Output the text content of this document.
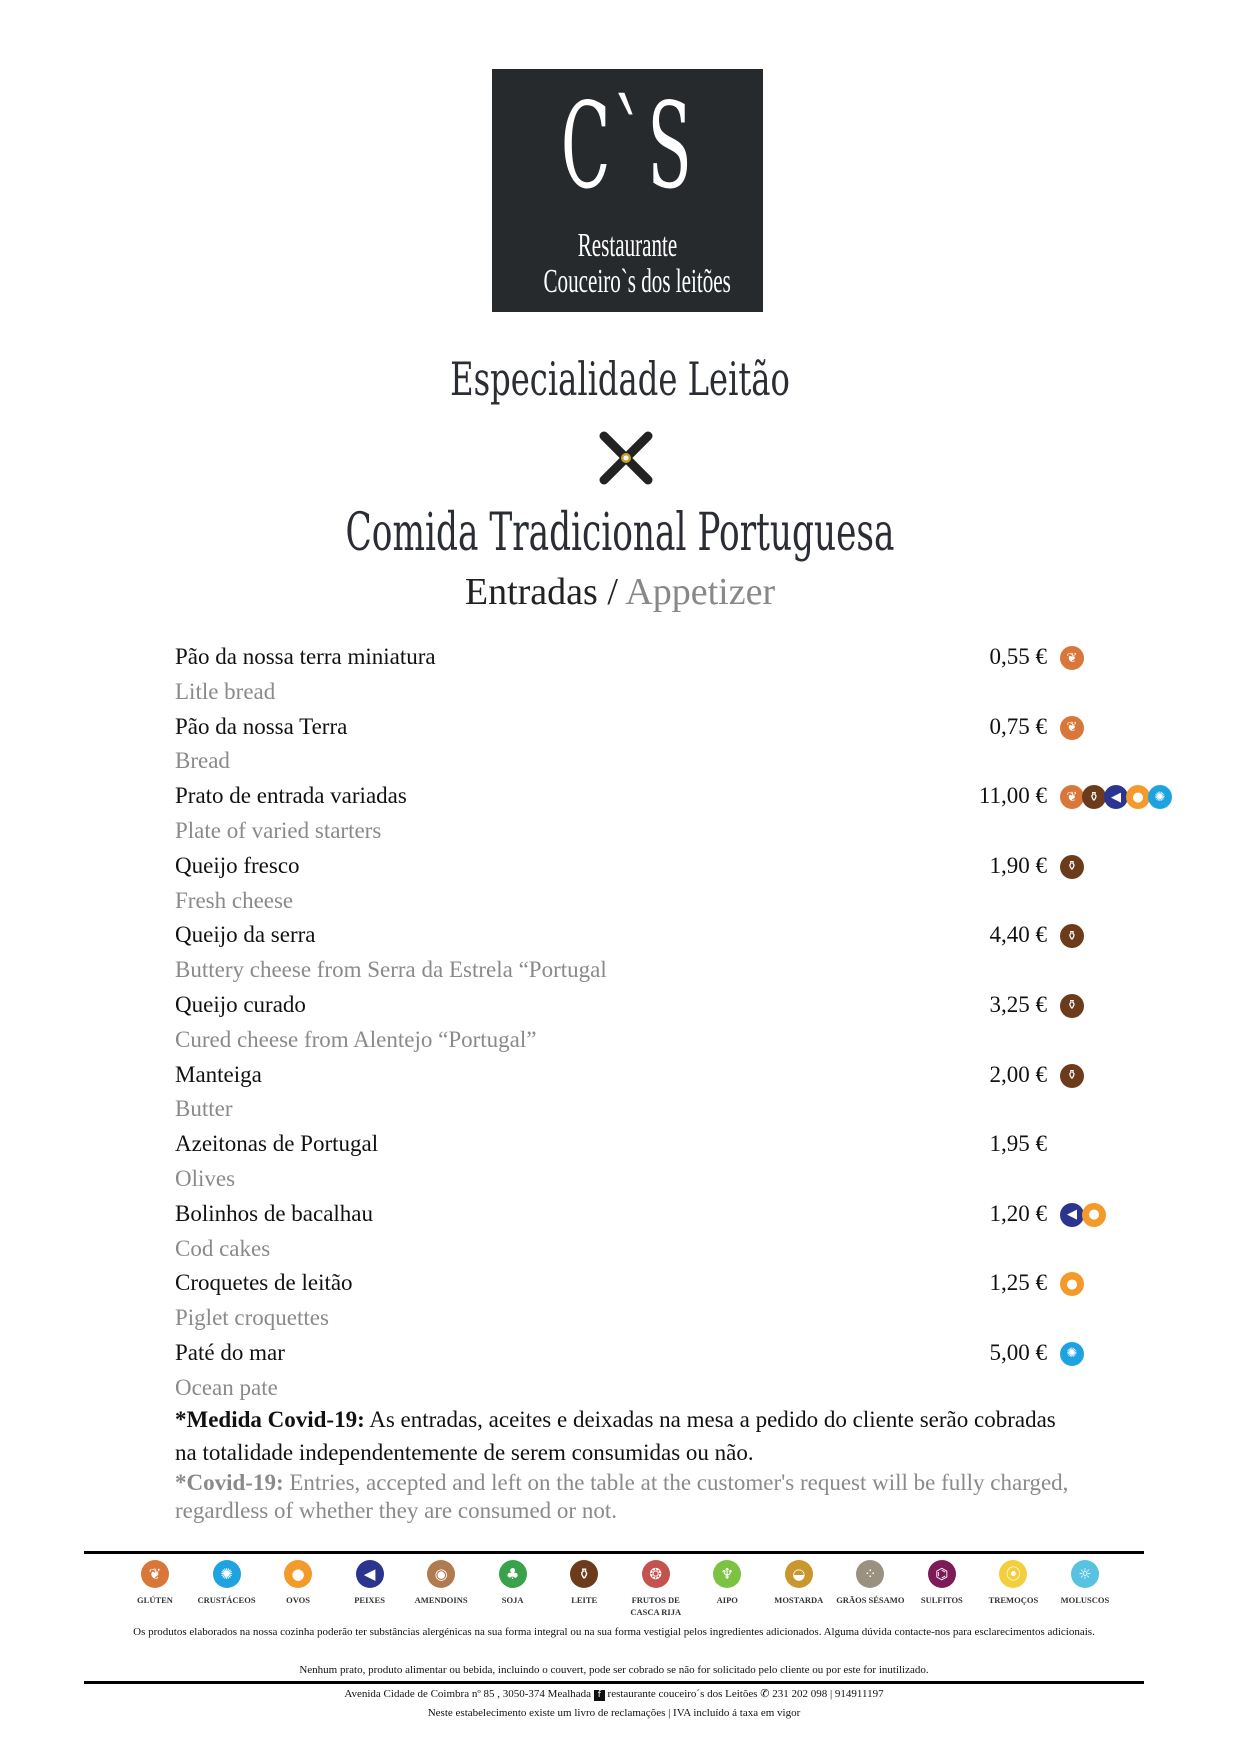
C`S
Restaurante
Couceiro`s dos leitões
Especialidade Leitão
Comida Tradicional Portuguesa
Entradas / Appetizer
Pão da nossa terra miniatura	0,55 €	❦
Litle bread
Pão da nossa Terra	0,75 €	❦
Bread
Prato de entrada variadas	11,00 €	❦ ⚱ ◀ ● ✺
Plate of varied starters
Queijo fresco	1,90 €	⚱
Fresh cheese
Queijo da serra	4,40 €	⚱
Buttery cheese from Serra da Estrela “Portugal
Queijo curado	3,25 €	⚱
Cured cheese from Alentejo “Portugal”
Manteiga	2,00 €	⚱
Butter
Azeitonas de Portugal	1,95 €
Olives
Bolinhos de bacalhau	1,20 €	◀ ●
Cod cakes
Croquetes de leitão	1,25 €	●
Piglet croquettes
Paté do mar	5,00 €	✺
Ocean pate
*Medida Covid-19: As entradas, aceites e deixadas na mesa a pedido do cliente serão cobradas na totalidade independentemente de serem consumidas ou não.
*Covid-19: Entries, accepted and left on the table at the customer's request will be fully charged, regardless of whether they are consumed or not.
❦
GLÚTEN
✺
CRUSTÁCEOS
●
OVOS
◀
PEIXES
◉
AMENDOINS
♣
SOJA
⚱
LEITE
❂
FRUTOS DE CASCA RIJA
♆
AIPO
◒
MOSTARDA
⁘
GRÃOS SÉSAMO
⌬
SULFITOS
⦿
TREMOÇOS
☼
MOLUSCOS
Os produtos elaborados na nossa cozinha poderão ter substâncias alergénicas na sua forma integral ou na sua forma vestigial pelos ingredientes adicionados. Alguma dúvida contacte-nos para esclarecimentos adicionais.
Nenhum prato, produto alimentar ou bebida, incluindo o couvert, pode ser cobrado se não for solicitado pelo cliente ou por este for inutilizado.
Avenida Cidade de Coimbra nº 85 , 3050-374 Mealhada f restaurante couceiro´s dos Leitões ✆ 231 202 098 | 914911197
Neste estabelecimento existe um livro de reclamações | IVA incluído á taxa em vigor
